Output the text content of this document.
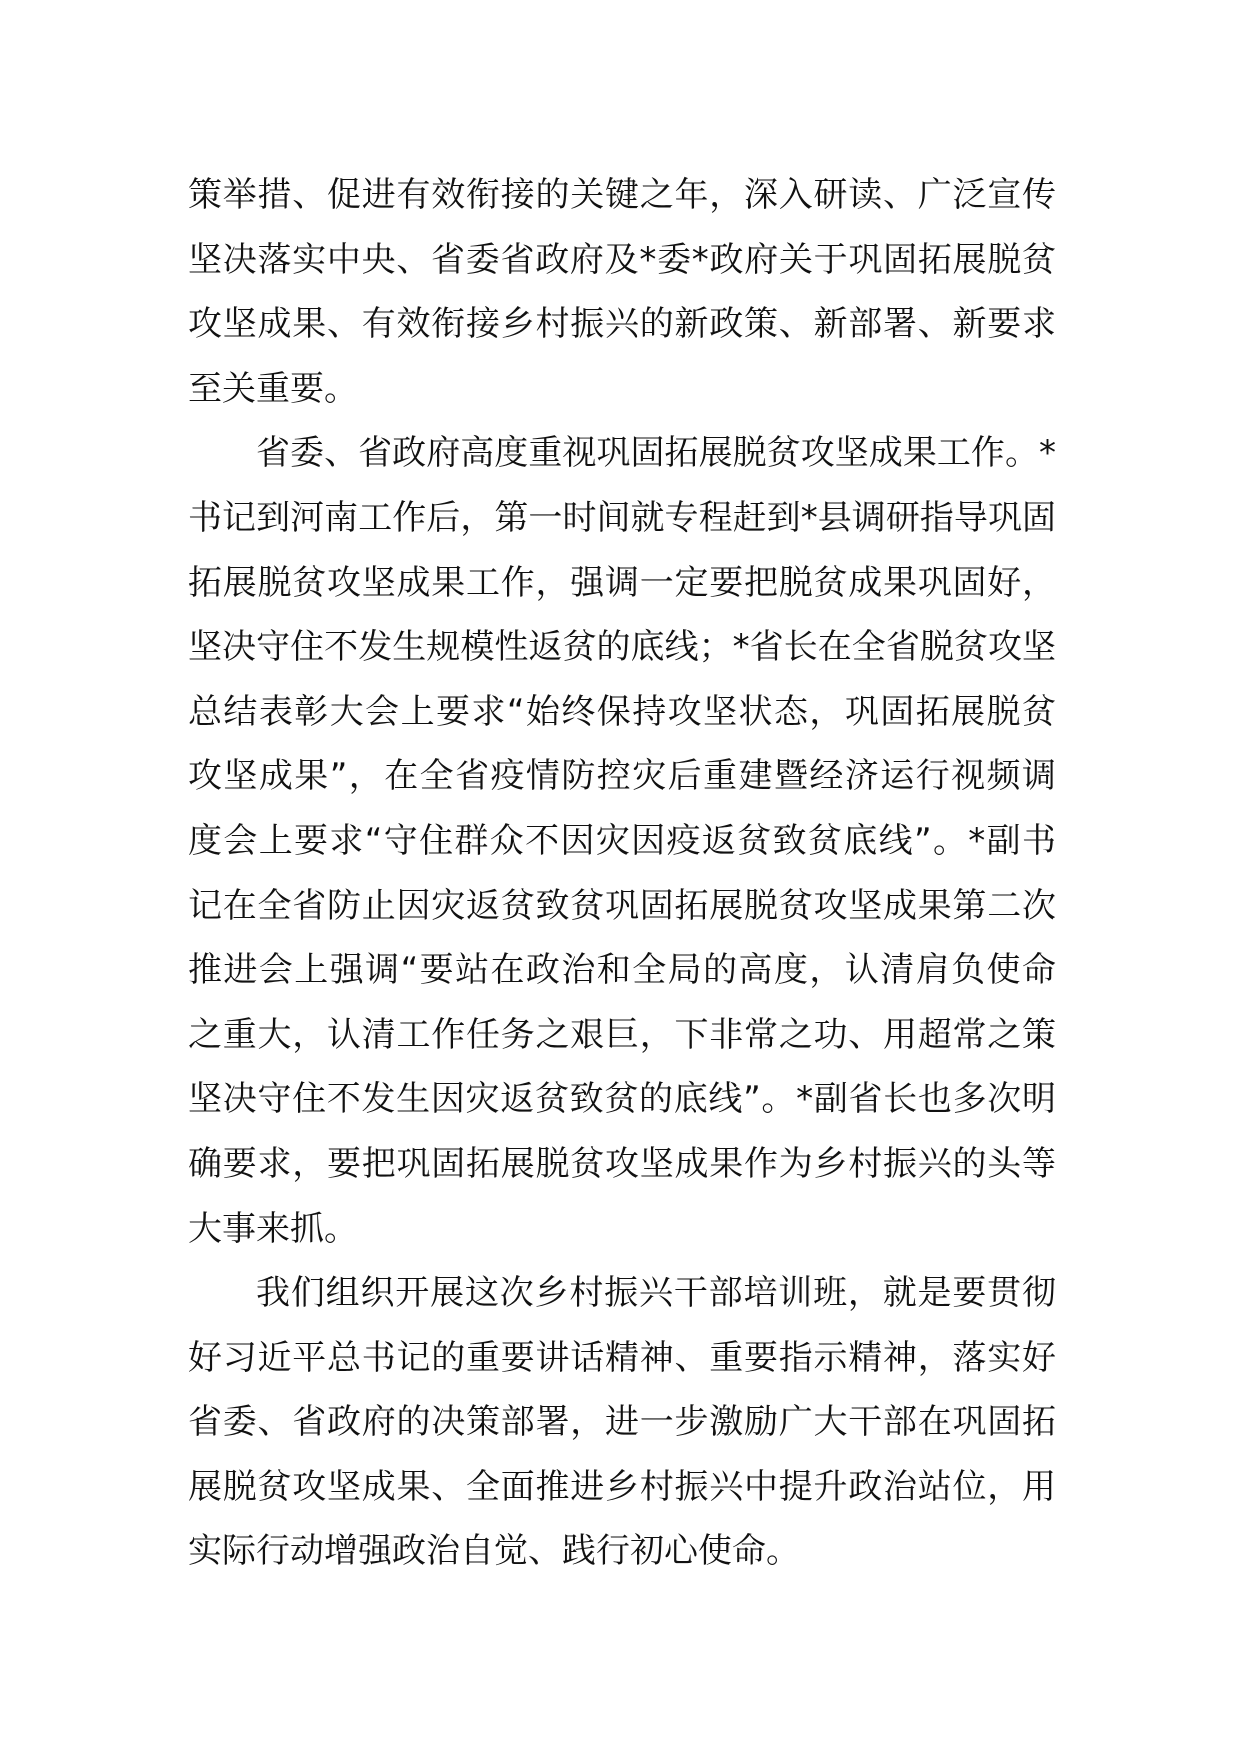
策举措、促进有效衔接的关键之年，深入研读、广泛宣传
坚决落实中央、省委省政府及*委*政府关于巩固拓展脱贫
攻坚成果、有效衔接乡村振兴的新政策、新部署、新要求
至关重要。
省委、省政府高度重视巩固拓展脱贫攻坚成果工作。*
书记到河南工作后，第一时间就专程赶到*县调研指导巩固
拓展脱贫攻坚成果工作，强调一定要把脱贫成果巩固好，
坚决守住不发生规模性返贫的底线；*省长在全省脱贫攻坚
总结表彰大会上要求“始终保持攻坚状态，巩固拓展脱贫
攻坚成果”，在全省疫情防控灾后重建暨经济运行视频调
度会上要求“守住群众不因灾因疫返贫致贫底线”。*副书
记在全省防止因灾返贫致贫巩固拓展脱贫攻坚成果第二次
推进会上强调“要站在政治和全局的高度，认清肩负使命
之重大，认清工作任务之艰巨，下非常之功、用超常之策
坚决守住不发生因灾返贫致贫的底线”。*副省长也多次明
确要求，要把巩固拓展脱贫攻坚成果作为乡村振兴的头等
大事来抓。
我们组织开展这次乡村振兴干部培训班，就是要贯彻
好习近平总书记的重要讲话精神、重要指示精神，落实好
省委、省政府的决策部署，进一步激励广大干部在巩固拓
展脱贫攻坚成果、全面推进乡村振兴中提升政治站位，用
实际行动增强政治自觉、践行初心使命。
